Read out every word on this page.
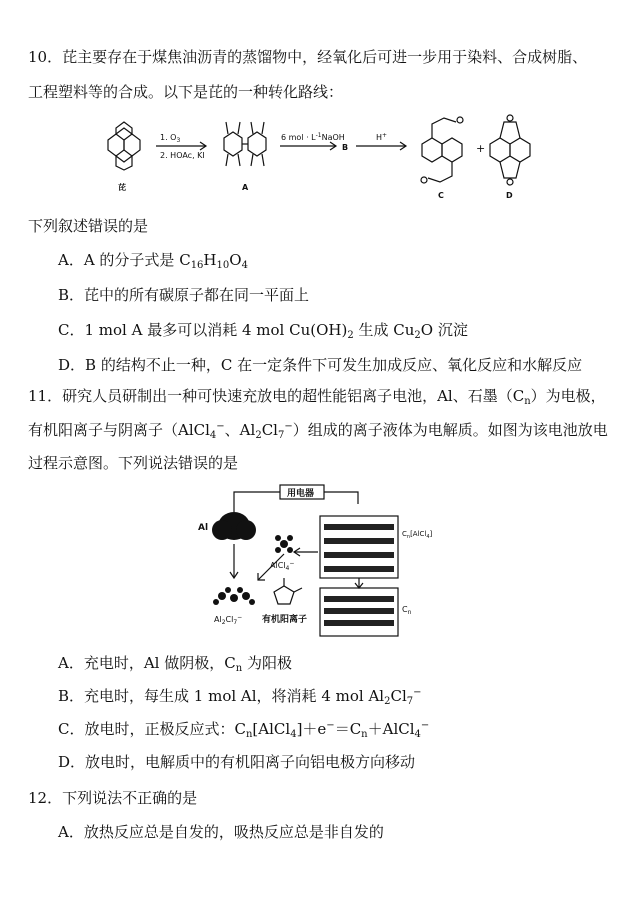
10．芘主要存在于煤焦油沥青的蒸馏物中，经氧化后可进一步用于染料、合成树脂、
工程塑料等的合成。以下是芘的一种转化路线：
1. $O_3$
2. HOAc, KI
6 mol · $L^{-1}NaOH$	H+
B	+
芘	A
C	D
下列叙述错误的是
A．A 的分子式是 $C_{16}H_{10}O_4$
B．芘中的所有碳原子都在同一平面上
C．1 mol A 最多可以消耗 4 mol $Cu(OH)_2$ 生成 $Cu_2O$ 沉淀
D．B 的结构不止一种，C 在一定条件下可发生加成反应、氧化反应和水解反应
11．研究人员研制出一种可快速充放电的超性能铝离子电池，Al、石墨$(C_n)$为电极，
有机阳离子与阴离子（AlCl$_4$−、$Al_2Cl_7^-$）组成的离子液体为电解质。如图为该电池放电
过程示意图。下列说法错误的是
用电器
Al
AlCl$_4$−
$Al_2Cl_7^-$ 有机阳离子
$C_n[AlCl_4]$
$C_n$
A．充电时，Al 做阴极，$C_n$ 为阳极
B．充电时，每生成 1 mol Al，将消耗 4 mol $Al_2Cl_7^-$
C．放电时，正极反应式：$C_n[AlCl_4]+e^-=C_n+AlCl_4^-$
D．放电时，电解质中的有机阳离子向铝电极方向移动
12．下列说法不正确的是
A．放热反应总是自发的，吸热反应总是非自发的
